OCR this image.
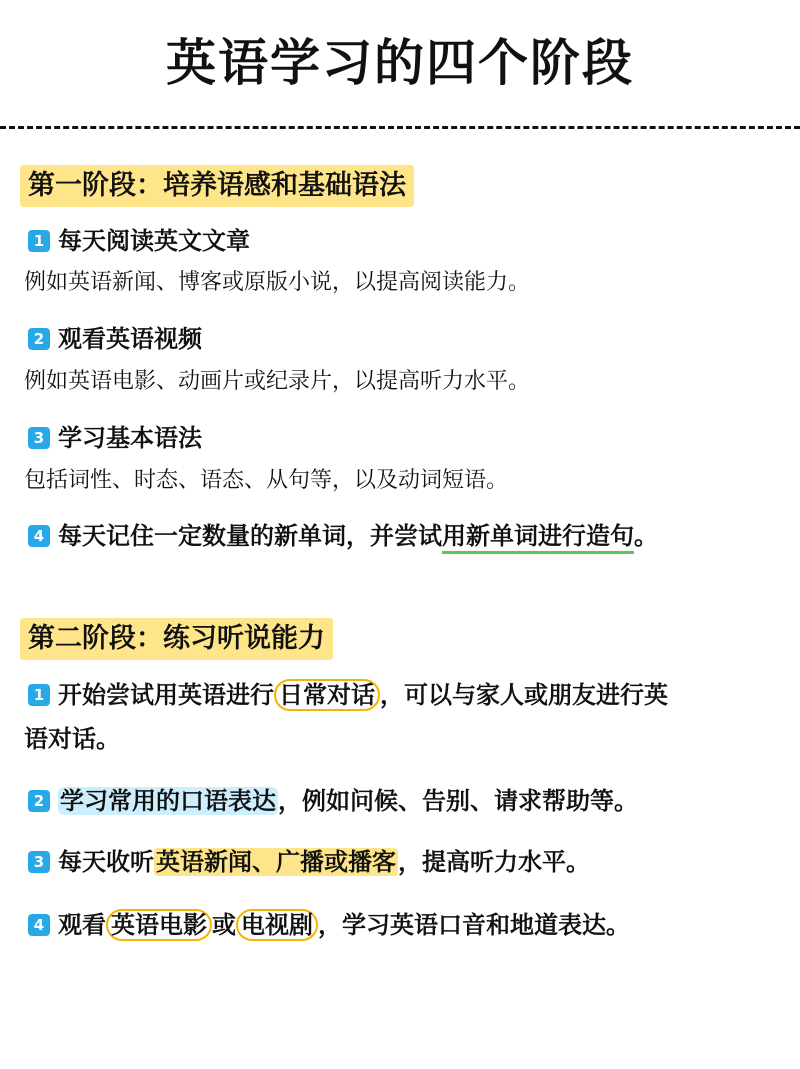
英语学习的四个阶段
第一阶段：培养语感和基础语法
1 每天阅读英文文章
例如英语新闻、博客或原版小说，以提高阅读能力。
2 观看英语视频
例如英语电影、动画片或纪录片，以提高听力水平。
3 学习基本语法
包括词性、时态、语态、从句等，以及动词短语。
4 每天记住一定数量的新单词，并尝试用新单词进行造句。
第二阶段：练习听说能力
1 开始尝试用英语进行 日常对话 ，可以与家人或朋友进行英
语对话。
2 学习常用的口语表达，例如问候、告别、请求帮助等。
3 每天收听英语新闻、广播或播客，提高听力水平。
4 观看 英语电影 或 电视剧 ，学习英语口音和地道表达。
